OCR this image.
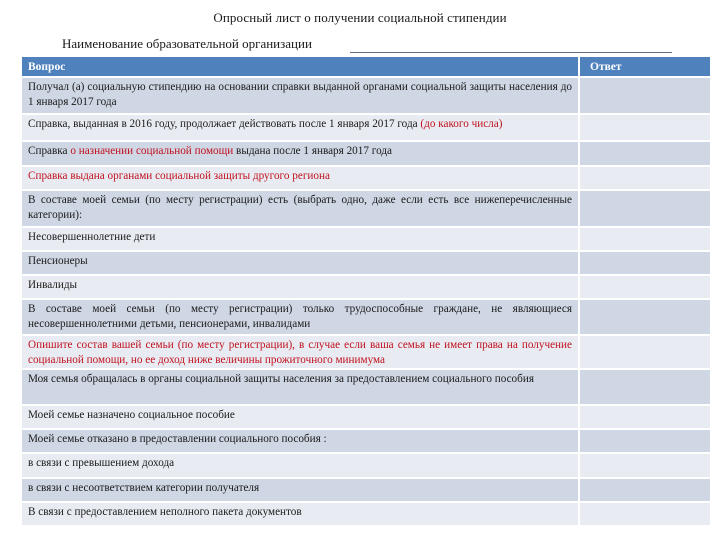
Опросный лист о получении социальной стипендии
Наименование образовательной организации
Вопрос	Ответ
Получал (а) социальную стипендию на основании справки выданной органами социальной защиты населения до 1 января 2017 года
Справка, выданная в 2016 году, продолжает действовать после 1 января 2017 года (до какого числа)
Справка о назначении социальной помощи выдана после 1 января 2017 года
Справка выдана органами социальной защиты другого региона
В составе моей семьи (по месту регистрации) есть (выбрать одно, даже если есть все нижеперечисленные категории):
Несовершеннолетние дети
Пенсионеры
Инвалиды
В составе моей семьи (по месту регистрации) только трудоспособные граждане, не являющиеся несовершеннолетними детьми, пенсионерами, инвалидами
Опишите состав вашей семьи (по месту регистрации), в случае если ваша семья не имеет права на получение социальной помощи, но ее доход ниже величины прожиточного минимума
Моя семья обращалась в органы социальной защиты населения за предоставлением социального пособия
Моей семье назначено социальное пособие
Моей семье отказано в предоставлении социального пособия :
в связи с превышением дохода
в связи с несоответствием категории получателя
В связи с предоставлением неполного пакета документов
